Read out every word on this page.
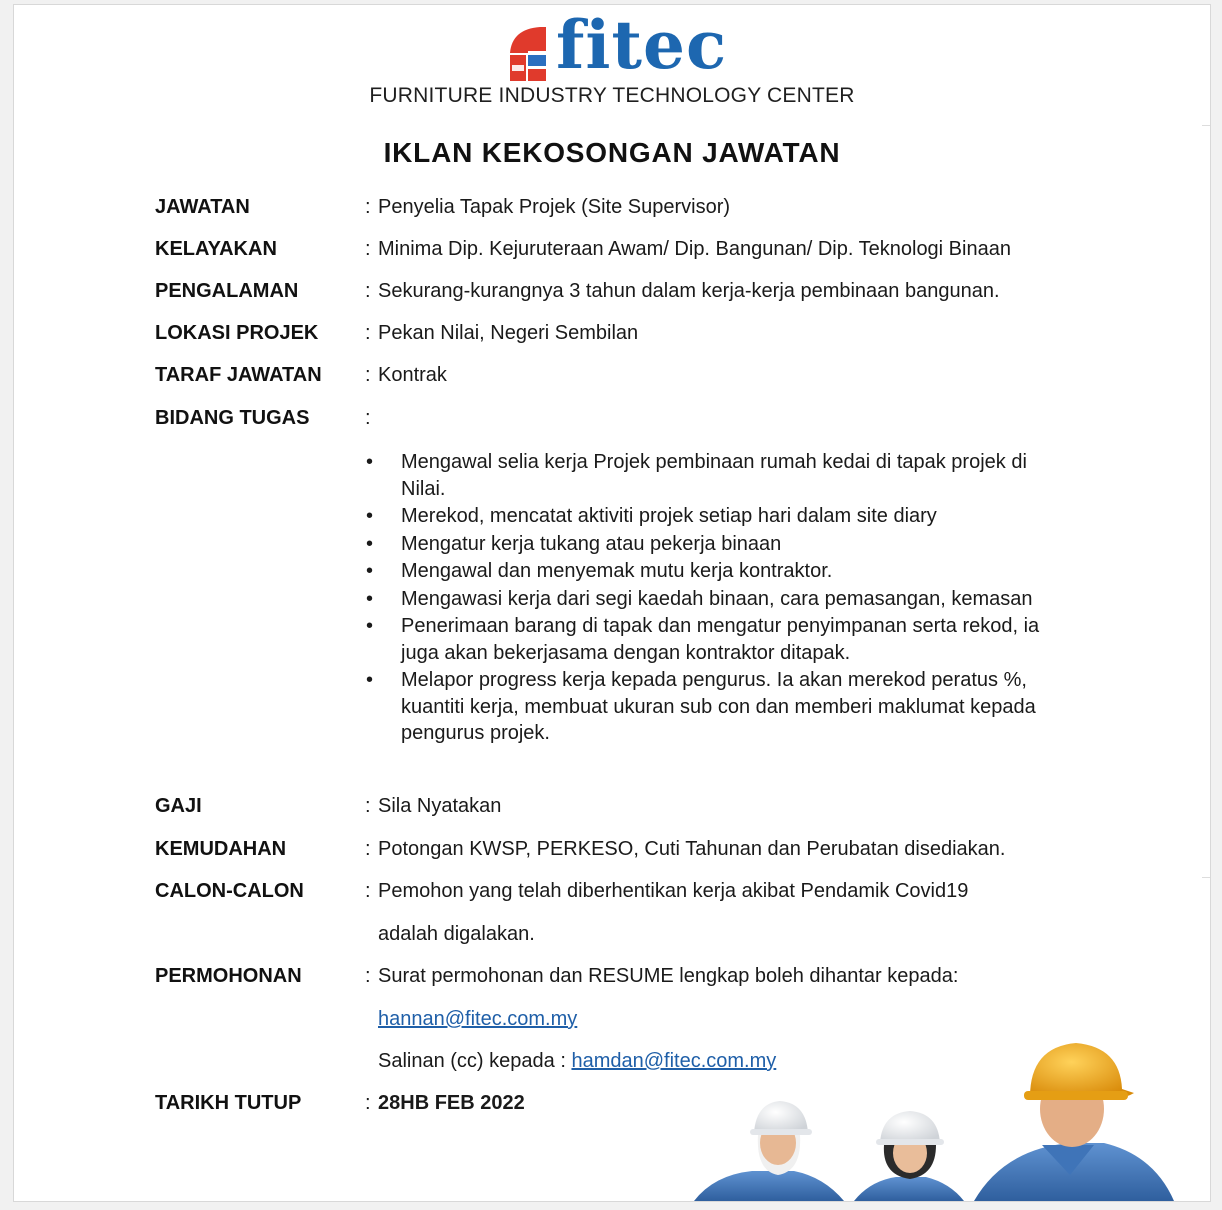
fitec
FURNITURE INDUSTRY TECHNOLOGY CENTER
IKLAN KEKOSONGAN JAWATAN
JAWATAN	: Penyelia Tapak Projek (Site Supervisor)
KELAYAKAN	: Minima Dip. Kejuruteraan Awam/ Dip. Bangunan/ Dip. Teknologi Binaan
PENGALAMAN	: Sekurang-kurangnya 3 tahun dalam kerja-kerja pembinaan bangunan.
LOKASI PROJEK : Pekan Nilai, Negeri Sembilan
TARAF JAWATAN : Kontrak
BIDANG TUGAS	:
• Mengawal selia kerja Projek pembinaan rumah kedai di tapak projek di Nilai.
• Merekod, mencatat aktiviti projek setiap hari dalam site diary
• Mengatur kerja tukang atau pekerja binaan
• Mengawal dan menyemak mutu kerja kontraktor.
• Mengawasi kerja dari segi kaedah binaan, cara pemasangan, kemasan
• Penerimaan barang di tapak dan mengatur penyimpanan serta rekod, ia juga akan bekerjasama dengan kontraktor ditapak.
• Melapor progress kerja kepada pengurus. Ia akan merekod peratus %, kuantiti kerja, membuat ukuran sub con dan memberi maklumat kepada pengurus projek.
GAJI	: Sila Nyatakan
KEMUDAHAN	: Potongan KWSP, PERKESO, Cuti Tahunan dan Perubatan disediakan.
CALON-CALON	: Pemohon yang telah diberhentikan kerja akibat Pendamik Covid19
adalah digalakan.
PERMOHONAN	: Surat permohonan dan RESUME lengkap boleh dihantar kepada:
hannan@fitec.com.my
Salinan (cc) kepada : hamdan@fitec.com.my
TARIKH TUTUP	: 28HB FEB 2022
